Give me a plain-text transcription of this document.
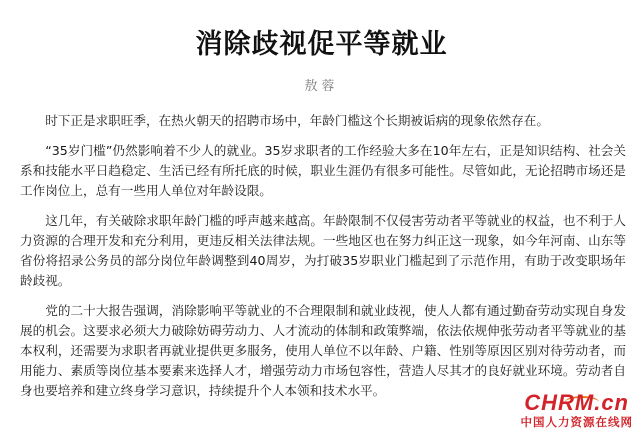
消除歧视促平等就业
敖蓉

时下正是求职旺季，在热火朝天的招聘市场中，年龄门槛这个长期被诟病的现象依然存在。

“35岁门槛”仍然影响着不少人的就业。35岁求职者的工作经验大多在10年左右，正是知识结构、社会关系和技能水平日趋稳定、生活已经有所托底的时候，职业生涯仍有很多可能性。尽管如此，无论招聘市场还是工作岗位上，总有一些用人单位对年龄设限。

这几年，有关破除求职年龄门槛的呼声越来越高。年龄限制不仅侵害劳动者平等就业的权益，也不利于人力资源的合理开发和充分利用，更违反相关法律法规。一些地区也在努力纠正这一现象，如今年河南、山东等省份将招录公务员的部分岗位年龄调整到40周岁，为打破35岁职业门槛起到了示范作用，有助于改变职场年龄歧视。

党的二十大报告强调，消除影响平等就业的不合理限制和就业歧视，使人人都有通过勤奋劳动实现自身发展的机会。这要求必须大力破除妨碍劳动力、人才流动的体制和政策弊端，依法依规伸张劳动者平等就业的基本权利，还需要为求职者再就业提供更多服务，使用人单位不以年龄、户籍、性别等原因区别对待劳动者，而用能力、素质等岗位基本要素来选择人才，增强劳动力市场包容性，营造人尽其才的良好就业环境。劳动者自身也要培养和建立终身学习意识，持续提升个人本领和技术水平。	CHRM.cn
中国人力资源在线网
